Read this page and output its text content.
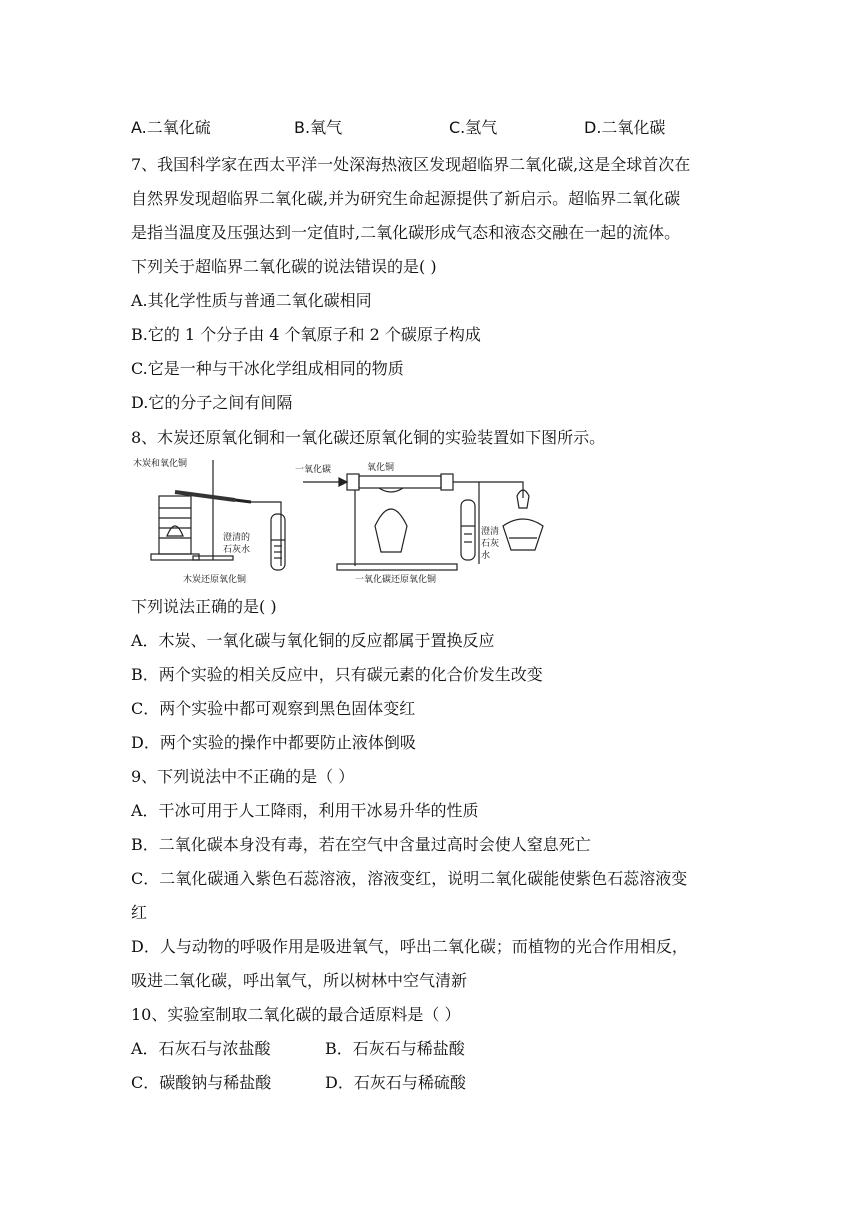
A.二氧化硫	B.氧气	C.氢气	D.二氧化碳
7、我国科学家在西太平洋一处深海热液区发现超临界二氧化碳,这是全球首次在
自然界发现超临界二氧化碳,并为研究生命起源提供了新启示。超临界二氧化碳
是指当温度及压强达到一定值时,二氧化碳形成气态和液态交融在一起的流体。
下列关于超临界二氧化碳的说法错误的是( )
A.其化学性质与普通二氧化碳相同
B.它的 1 个分子由 4 个氧原子和 2 个碳原子构成
C.它是一种与干冰化学组成相同的物质
D.它的分子之间有间隔
8、木炭还原氧化铜和一氧化碳还原氧化铜的实验装置如下图所示。
木炭和氧化铜
澄清的
石灰水
木炭还原氧化铜
一氧化碳	氧化铜
澄清
石灰
水
一氧化碳还原氧化铜
下列说法正确的是( )
A．木炭、一氧化碳与氧化铜的反应都属于置换反应
B．两个实验的相关反应中，只有碳元素的化合价发生改变
C．两个实验中都可观察到黑色固体变红
D．两个实验的操作中都要防止液体倒吸
9、下列说法中不正确的是（ ）
A．干冰可用于人工降雨，利用干冰易升华的性质
B．二氧化碳本身没有毒，若在空气中含量过高时会使人窒息死亡
C．二氧化碳通入紫色石蕊溶液，溶液变红，说明二氧化碳能使紫色石蕊溶液变
红
D．人与动物的呼吸作用是吸进氧气，呼出二氧化碳；而植物的光合作用相反，
吸进二氧化碳，呼出氧气，所以树林中空气清新
10、实验室制取二氧化碳的最合适原料是（ ）
A．石灰石与浓盐酸	B．石灰石与稀盐酸
C．碳酸钠与稀盐酸	D．石灰石与稀硫酸
